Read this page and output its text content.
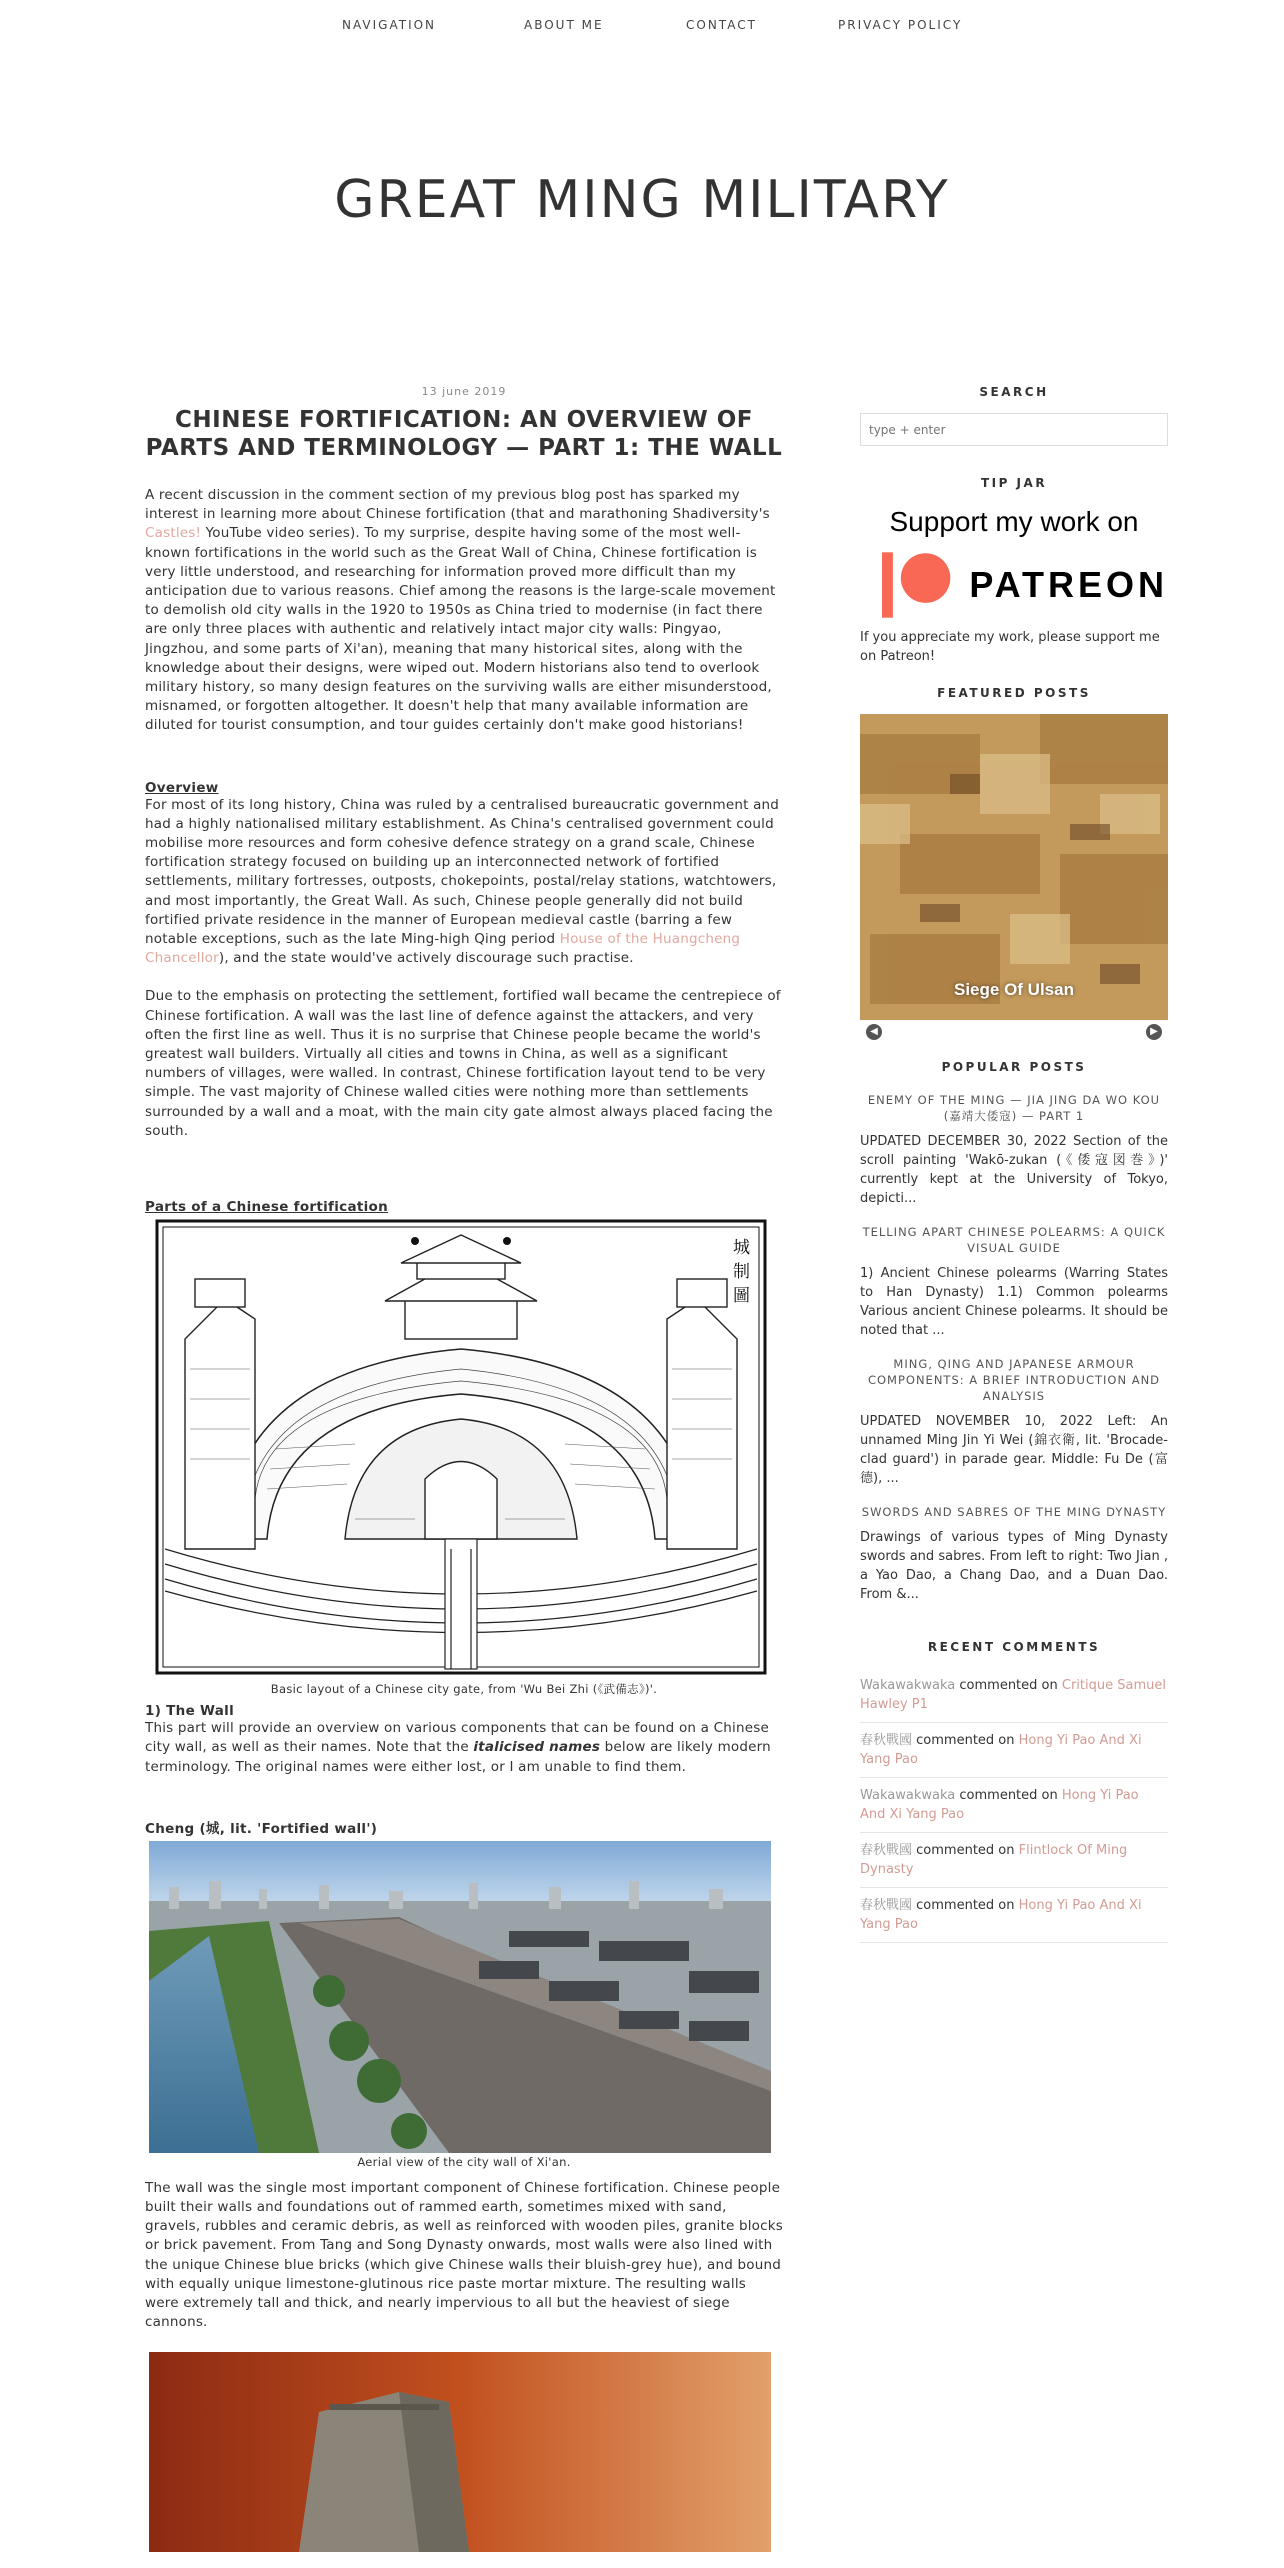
NAVIGATION	ABOUT ME	CONTACT	PRIVACY POLICY
GREAT MING MILITARY
13 june 2019
CHINESE FORTIFICATION: AN OVERVIEW OF PARTS AND TERMINOLOGY — PART 1: THE WALL

A recent discussion in the comment section of my previous blog post has sparked my interest in learning more about Chinese fortification (that and marathoning Shadiversity's Castles! YouTube video series). To my surprise, despite having some of the most well-known fortifications in the world such as the Great Wall of China, Chinese fortification is very little understood, and researching for information proved more difficult than my anticipation due to various reasons. Chief among the reasons is the large-scale movement to demolish old city walls in the 1920 to 1950s as China tried to modernise (in fact there are only three places with authentic and relatively intact major city walls: Pingyao, Jingzhou, and some parts of Xi'an), meaning that many historical sites, along with the knowledge about their designs, were wiped out. Modern historians also tend to overlook military history, so many design features on the surviving walls are either misunderstood, misnamed, or forgotten altogether. It doesn't help that many available information are diluted for tourist consumption, and tour guides certainly don't make good historians!

Overview

For most of its long history, China was ruled by a centralised bureaucratic government and had a highly nationalised military establishment. As China's centralised government could mobilise more resources and form cohesive defence strategy on a grand scale, Chinese fortification strategy focused on building up an interconnected network of fortified settlements, military fortresses, outposts, chokepoints, postal/relay stations, watchtowers, and most importantly, the Great Wall. As such, Chinese people generally did not build fortified private residence in the manner of European medieval castle (barring a few notable exceptions, such as the late Ming-high Qing period House of the Huangcheng Chancellor), and the state would've actively discourage such practise.

Due to the emphasis on protecting the settlement, fortified wall became the centrepiece of Chinese fortification. A wall was the last line of defence against the attackers, and very often the first line as well. Thus it is no surprise that Chinese people became the world's greatest wall builders. Virtually all cities and towns in China, as well as a significant numbers of villages, were walled. In contrast, Chinese fortification layout tend to be very simple. The vast majority of Chinese walled cities were nothing more than settlements surrounded by a wall and a moat, with the main city gate almost always placed facing the south.

Parts of a Chinese fortification
城
制
圖
Basic layout of a Chinese city gate, from 'Wu Bei Zhi (《武備志》)'.
1) The Wall

This part will provide an overview on various components that can be found on a Chinese city wall, as well as their names. Note that the italicised names below are likely modern terminology. The original names were either lost, or I am unable to find them.

Cheng (城, lit. 'Fortified wall')
Aerial view of the city wall of Xi'an.

The wall was the single most important component of Chinese fortification. Chinese people built their walls and foundations out of rammed earth, sometimes mixed with sand, gravels, rubbles and ceramic debris, as well as reinforced with wooden piles, granite blocks or brick pavement. From Tang and Song Dynasty onwards, most walls were also lined with the unique Chinese blue bricks (which give Chinese walls their bluish-grey hue), and bound with equally unique limestone-glutinous rice paste mortar mixture. The resulting walls were extremely tall and thick, and nearly impervious to all but the heaviest of siege cannons.

SEARCH
type + enter
TIP JAR
Support my work on
PATREON

If you appreciate my work, please support me on Patreon!

FEATURED POSTS
Siege Of Ulsan
◀	▶
POPULAR POSTS
ENEMY OF THE MING — JIA JING DA WO KOU (嘉靖大倭寇) — PART 1
UPDATED DECEMBER 30, 2022 Section of the scroll painting 'Wakō-zukan (《倭寇図巻》)' currently kept at the University of Tokyo, depicti...
TELLING APART CHINESE POLEARMS: A QUICK VISUAL GUIDE
1) Ancient Chinese polearms (Warring States to Han Dynasty) 1.1) Common polearms Various ancient Chinese polearms. It should be noted that ...
MING, QING AND JAPANESE ARMOUR COMPONENTS: A BRIEF INTRODUCTION AND ANALYSIS
UPDATED NOVEMBER 10, 2022 Left: An unnamed Ming Jin Yi Wei (錦衣衛, lit. 'Brocade-clad guard') in parade gear. Middle: Fu De (富德), ...
SWORDS AND SABRES OF THE MING DYNASTY
Drawings of various types of Ming Dynasty swords and sabres. From left to right: Two Jian , a Yao Dao, a Chang Dao, and a Duan Dao. From &...
RECENT COMMENTS
Wakawakwaka commented on Critique Samuel Hawley P1
春秋戰國 commented on Hong Yi Pao And Xi Yang Pao
Wakawakwaka commented on Hong Yi Pao And Xi Yang Pao
春秋戰國 commented on Flintlock Of Ming Dynasty
春秋戰國 commented on Hong Yi Pao And Xi Yang Pao
